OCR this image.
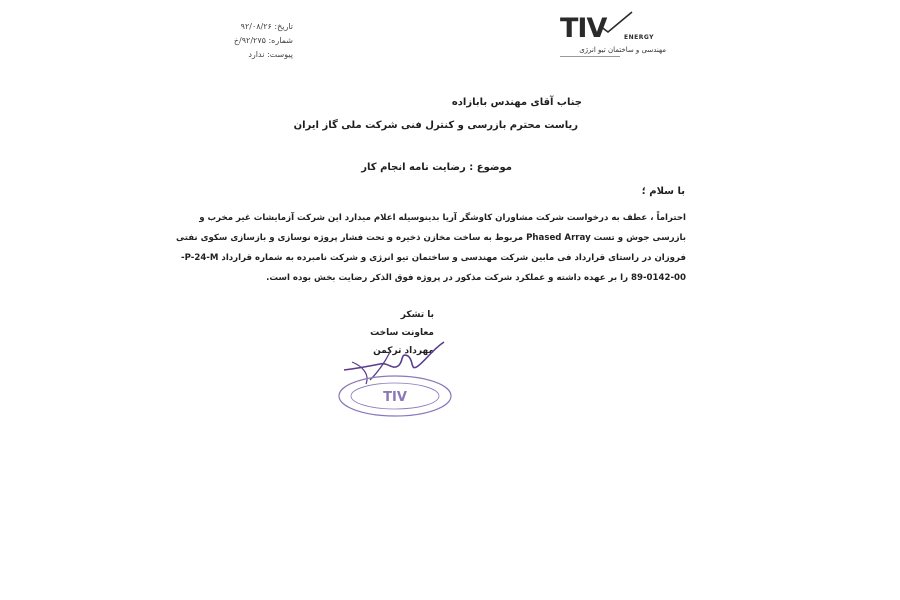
تاریخ: ۹۲/۰۸/۲۶
شماره: ۹۲/۲۷۵/خ
پیوست: ندارد
TIV	ENERGY
مهندسی و ساختمان تیو انرژی
جناب آقای مهندس بابازاده
ریاست محترم بازرسی و کنترل فنی شرکت ملی گاز ایران
موضوع : رضایت نامه انجام کار
با سلام ؛
احتراماً ، عطف به درخواست شرکت مشاوران کاوشگر آریا بدینوسیله اعلام میدارد این شرکت آزمایشات غیر مخرب و
بازرسی جوش و تست Phased Array مربوط به ساخت مخازن ذخیره و تحت فشار پروژه نوسازی و بازسازی سکوی نفتی
فروزان در راستای قرارداد فی مابین شرکت مهندسی و ساختمان تیو انرژی و شرکت نامبرده به شماره قرارداد P-24-M-
89-0142-00 را بر عهده داشته و عملکرد شرکت مذکور در پروژه فوق الذکر رضایت بخش بوده است.
با تشکر
معاونت ساخت
مهرداد ترکمن
TIV
